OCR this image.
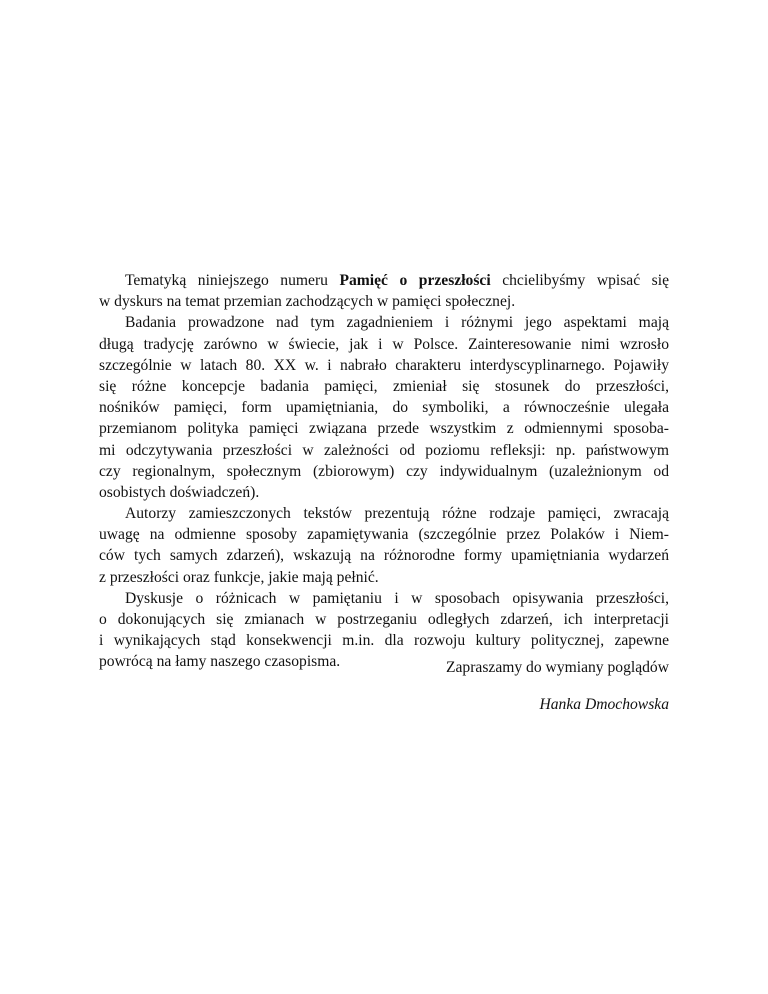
Tematyką niniejszego numeru Pamięć o przeszłości chcielibyśmy wpisać się
w dyskurs na temat przemian zachodzących w pamięci społecznej.
Badania prowadzone nad tym zagadnieniem i różnymi jego aspektami mają
długą tradycję zarówno w świecie, jak i w Polsce. Zainteresowanie nimi wzrosło
szczególnie w latach 80. XX w. i nabrało charakteru interdyscyplinarnego. Pojawiły
się różne koncepcje badania pamięci, zmieniał się stosunek do przeszłości,
nośników pamięci, form upamiętniania, do symboliki, a równocześnie ulegała
przemianom polityka pamięci związana przede wszystkim z odmiennymi sposoba-
mi odczytywania przeszłości w zależności od poziomu refleksji: np. państwowym
czy regionalnym, społecznym (zbiorowym) czy indywidualnym (uzależnionym od
osobistych doświadczeń).
Autorzy zamieszczonych tekstów prezentują różne rodzaje pamięci, zwracają
uwagę na odmienne sposoby zapamiętywania (szczególnie przez Polaków i Niem-
ców tych samych zdarzeń), wskazują na różnorodne formy upamiętniania wydarzeń
z przeszłości oraz funkcje, jakie mają pełnić.
Dyskusje o różnicach w pamiętaniu i w sposobach opisywania przeszłości,
o dokonujących się zmianach w postrzeganiu odległych zdarzeń, ich interpretacji
i wynikających stąd konsekwencji m.in. dla rozwoju kultury politycznej, zapewne
powrócą na łamy naszego czasopisma.	Zapraszamy do wymiany poglądów
Hanka Dmochowska
